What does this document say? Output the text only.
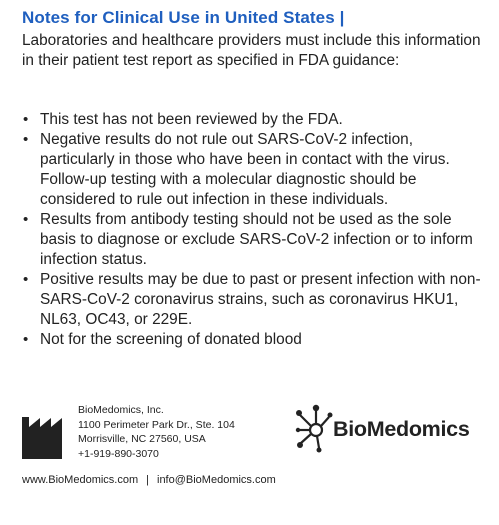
Notes for Clinical Use in United States |

Laboratories and healthcare providers must include this information in their patient test report as specified in FDA guidance:

• This test has not been reviewed by the FDA.
• Negative results do not rule out SARS-CoV-2 infection, particularly in those who have been in contact with the virus. Follow-up testing with a molecular diagnostic should be considered to rule out infection in these individuals.
• Results from antibody testing should not be used as the sole basis to diagnose or exclude SARS-CoV-2 infection or to inform infection status.
• Positive results may be due to past or present infection with non-SARS-CoV-2 coronavirus strains, such as coronavirus HKU1, NL63, OC43, or 229E.
• Not for the screening of donated blood
BioMedomics, Inc.
1100 Perimeter Park Dr., Ste. 104
Morrisville, NC 27560, USA
+1-919-890-3070
BioMedomics
www.BioMedomics.com | info@BioMedomics.com
